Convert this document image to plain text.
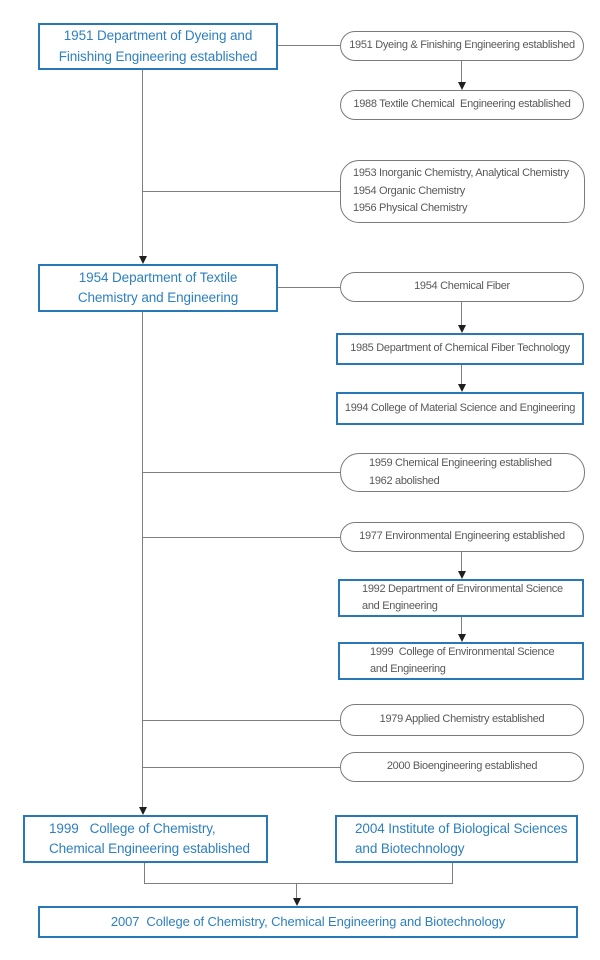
1951 Department of Dyeing and
Finishing Engineering established
1954 Department of Textile
Chemistry and Engineering
1999   College of Chemistry,
Chemical Engineering established
2004 Institute of Biological Sciences
and Biotechnology
2007  College of Chemistry, Chemical Engineering and Biotechnology
1951 Dyeing & Finishing Engineering established
1988 Textile Chemical  Engineering established
1953 Inorganic Chemistry, Analytical Chemistry
1954 Organic Chemistry
1956 Physical Chemistry
1954 Chemical Fiber
1985 Department of Chemical Fiber Technology
1994 College of Material Science and Engineering
1959 Chemical Engineering established
1962 abolished
1977 Environmental Engineering established
1992 Department of Environmental Science
and Engineering
1999  College of Environmental Science
and Engineering
1979 Applied Chemistry established
2000 Bioengineering established
